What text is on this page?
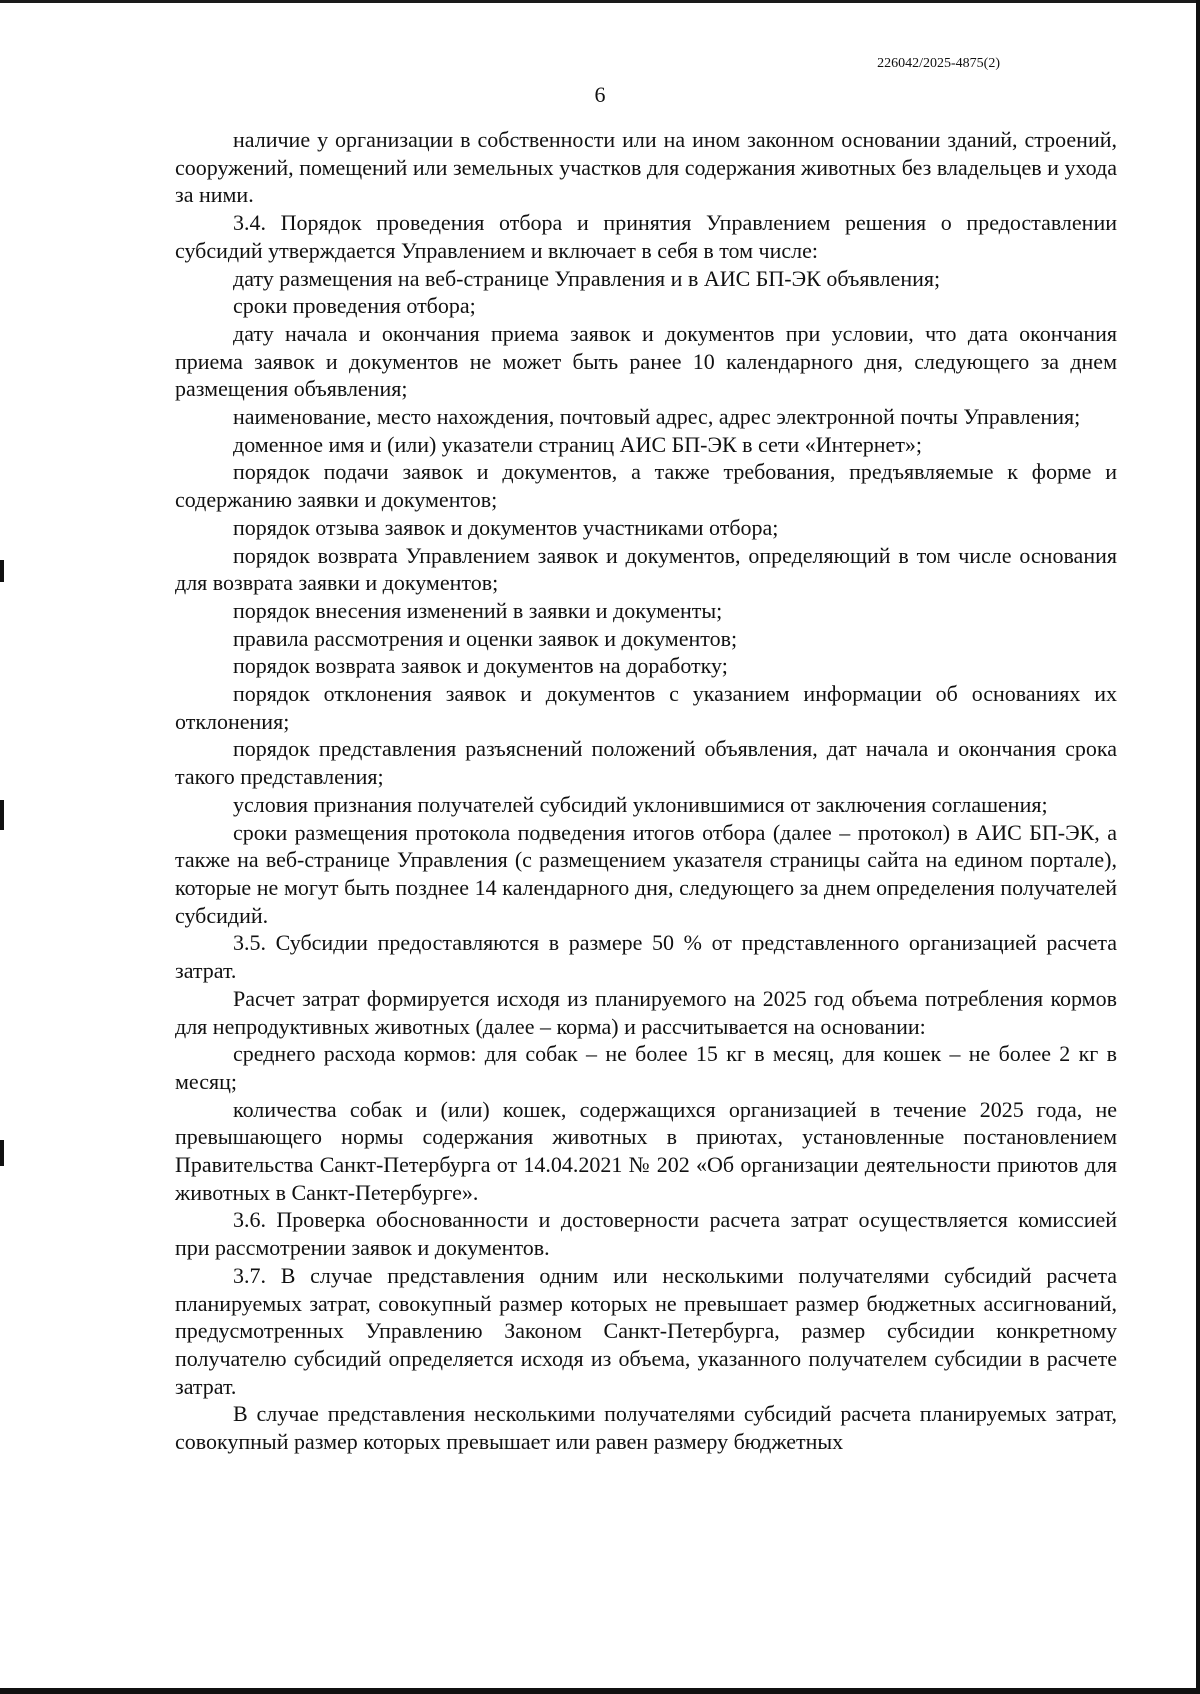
226042/2025-4875(2)
6

наличие у организации в собственности или на ином законном основании зданий, строений, сооружений, помещений или земельных участков для содержания животных без владельцев и ухода за ними.

3.4. Порядок проведения отбора и принятия Управлением решения о предоставлении субсидий утверждается Управлением и включает в себя в том числе:

дату размещения на веб-странице Управления и в АИС БП-ЭК объявления;

сроки проведения отбора;

дату начала и окончания приема заявок и документов при условии, что дата окончания приема заявок и документов не может быть ранее 10 календарного дня, следующего за днем размещения объявления;

наименование, место нахождения, почтовый адрес, адрес электронной почты Управления;

доменное имя и (или) указатели страниц АИС БП-ЭК в сети «Интернет»;

порядок подачи заявок и документов, а также требования, предъявляемые к форме и содержанию заявки и документов;

порядок отзыва заявок и документов участниками отбора;

порядок возврата Управлением заявок и документов, определяющий в том числе основания для возврата заявки и документов;

порядок внесения изменений в заявки и документы;

правила рассмотрения и оценки заявок и документов;

порядок возврата заявок и документов на доработку;

порядок отклонения заявок и документов с указанием информации об основаниях их отклонения;

порядок представления разъяснений положений объявления, дат начала и окончания срока такого представления;

условия признания получателей субсидий уклонившимися от заключения соглашения;

сроки размещения протокола подведения итогов отбора (далее – протокол) в АИС БП-ЭК, а также на веб-странице Управления (с размещением указателя страницы сайта на едином портале), которые не могут быть позднее 14 календарного дня, следующего за днем определения получателей субсидий.

3.5. Субсидии предоставляются в размере 50 % от представленного организацией расчета затрат.

Расчет затрат формируется исходя из планируемого на 2025 год объема потребления кормов для непродуктивных животных (далее – корма) и рассчитывается на основании:

среднего расхода кормов: для собак – не более 15 кг в месяц, для кошек – не более 2 кг в месяц;

количества собак и (или) кошек, содержащихся организацией в течение 2025 года, не превышающего нормы содержания животных в приютах, установленные постановлением Правительства Санкт-Петербурга от 14.04.2021 № 202 «Об организации деятельности приютов для животных в Санкт-Петербурге».

3.6. Проверка обоснованности и достоверности расчета затрат осуществляется комиссией при рассмотрении заявок и документов.

3.7. В случае представления одним или несколькими получателями субсидий расчета планируемых затрат, совокупный размер которых не превышает размер бюджетных ассигнований, предусмотренных Управлению Законом Санкт-Петербурга, размер субсидии конкретному получателю субсидий определяется исходя из объема, указанного получателем субсидии в расчете затрат.

В случае представления несколькими получателями субсидий расчета планируемых затрат, совокупный размер которых превышает или равен размеру бюджетных
